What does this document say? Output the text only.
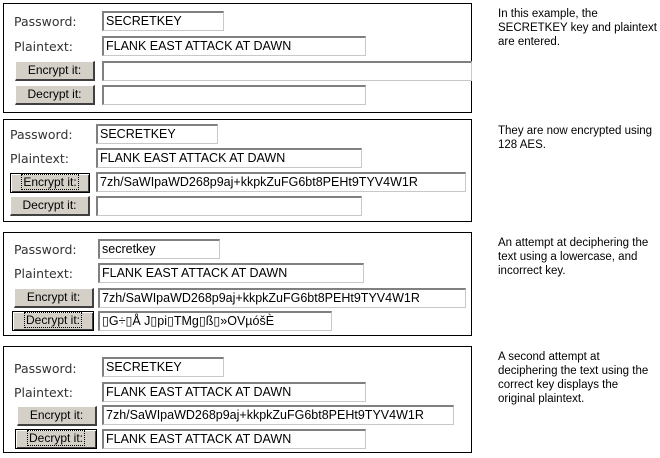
Password:	SECRETKEY
Plaintext:	FLANK EAST ATTACK AT DAWN
Encrypt it:
Decrypt it:
In this example, the SECRETKEY key and plaintext are entered.
Password:	SECRETKEY
Plaintext:	FLANK EAST ATTACK AT DAWN
Encrypt it:	7zh/SaWIpaWD268p9aj+kkpkZuFG6bt8PEHt9TYV4W1R
Decrypt it:
They are now encrypted using 128 AES.
Password:	secretkey
Plaintext:	FLANK EAST ATTACK AT DAWN
Encrypt it:	7zh/SaWIpaWD268p9aj+kkpkZuFG6bt8PEHt9TYV4W1R
Decrypt it:	▯G÷▯Å J▯pi▯TMg▯ß▯»OVµóšÈ
An attempt at deciphering the text using a lowercase, and incorrect key.
Password:	SECRETKEY
Plaintext:	FLANK EAST ATTACK AT DAWN
Encrypt it:	7zh/SaWIpaWD268p9aj+kkpkZuFG6bt8PEHt9TYV4W1R
Decrypt it:	FLANK EAST ATTACK AT DAWN
A second attempt at deciphering the text using the correct key displays the original plaintext.
